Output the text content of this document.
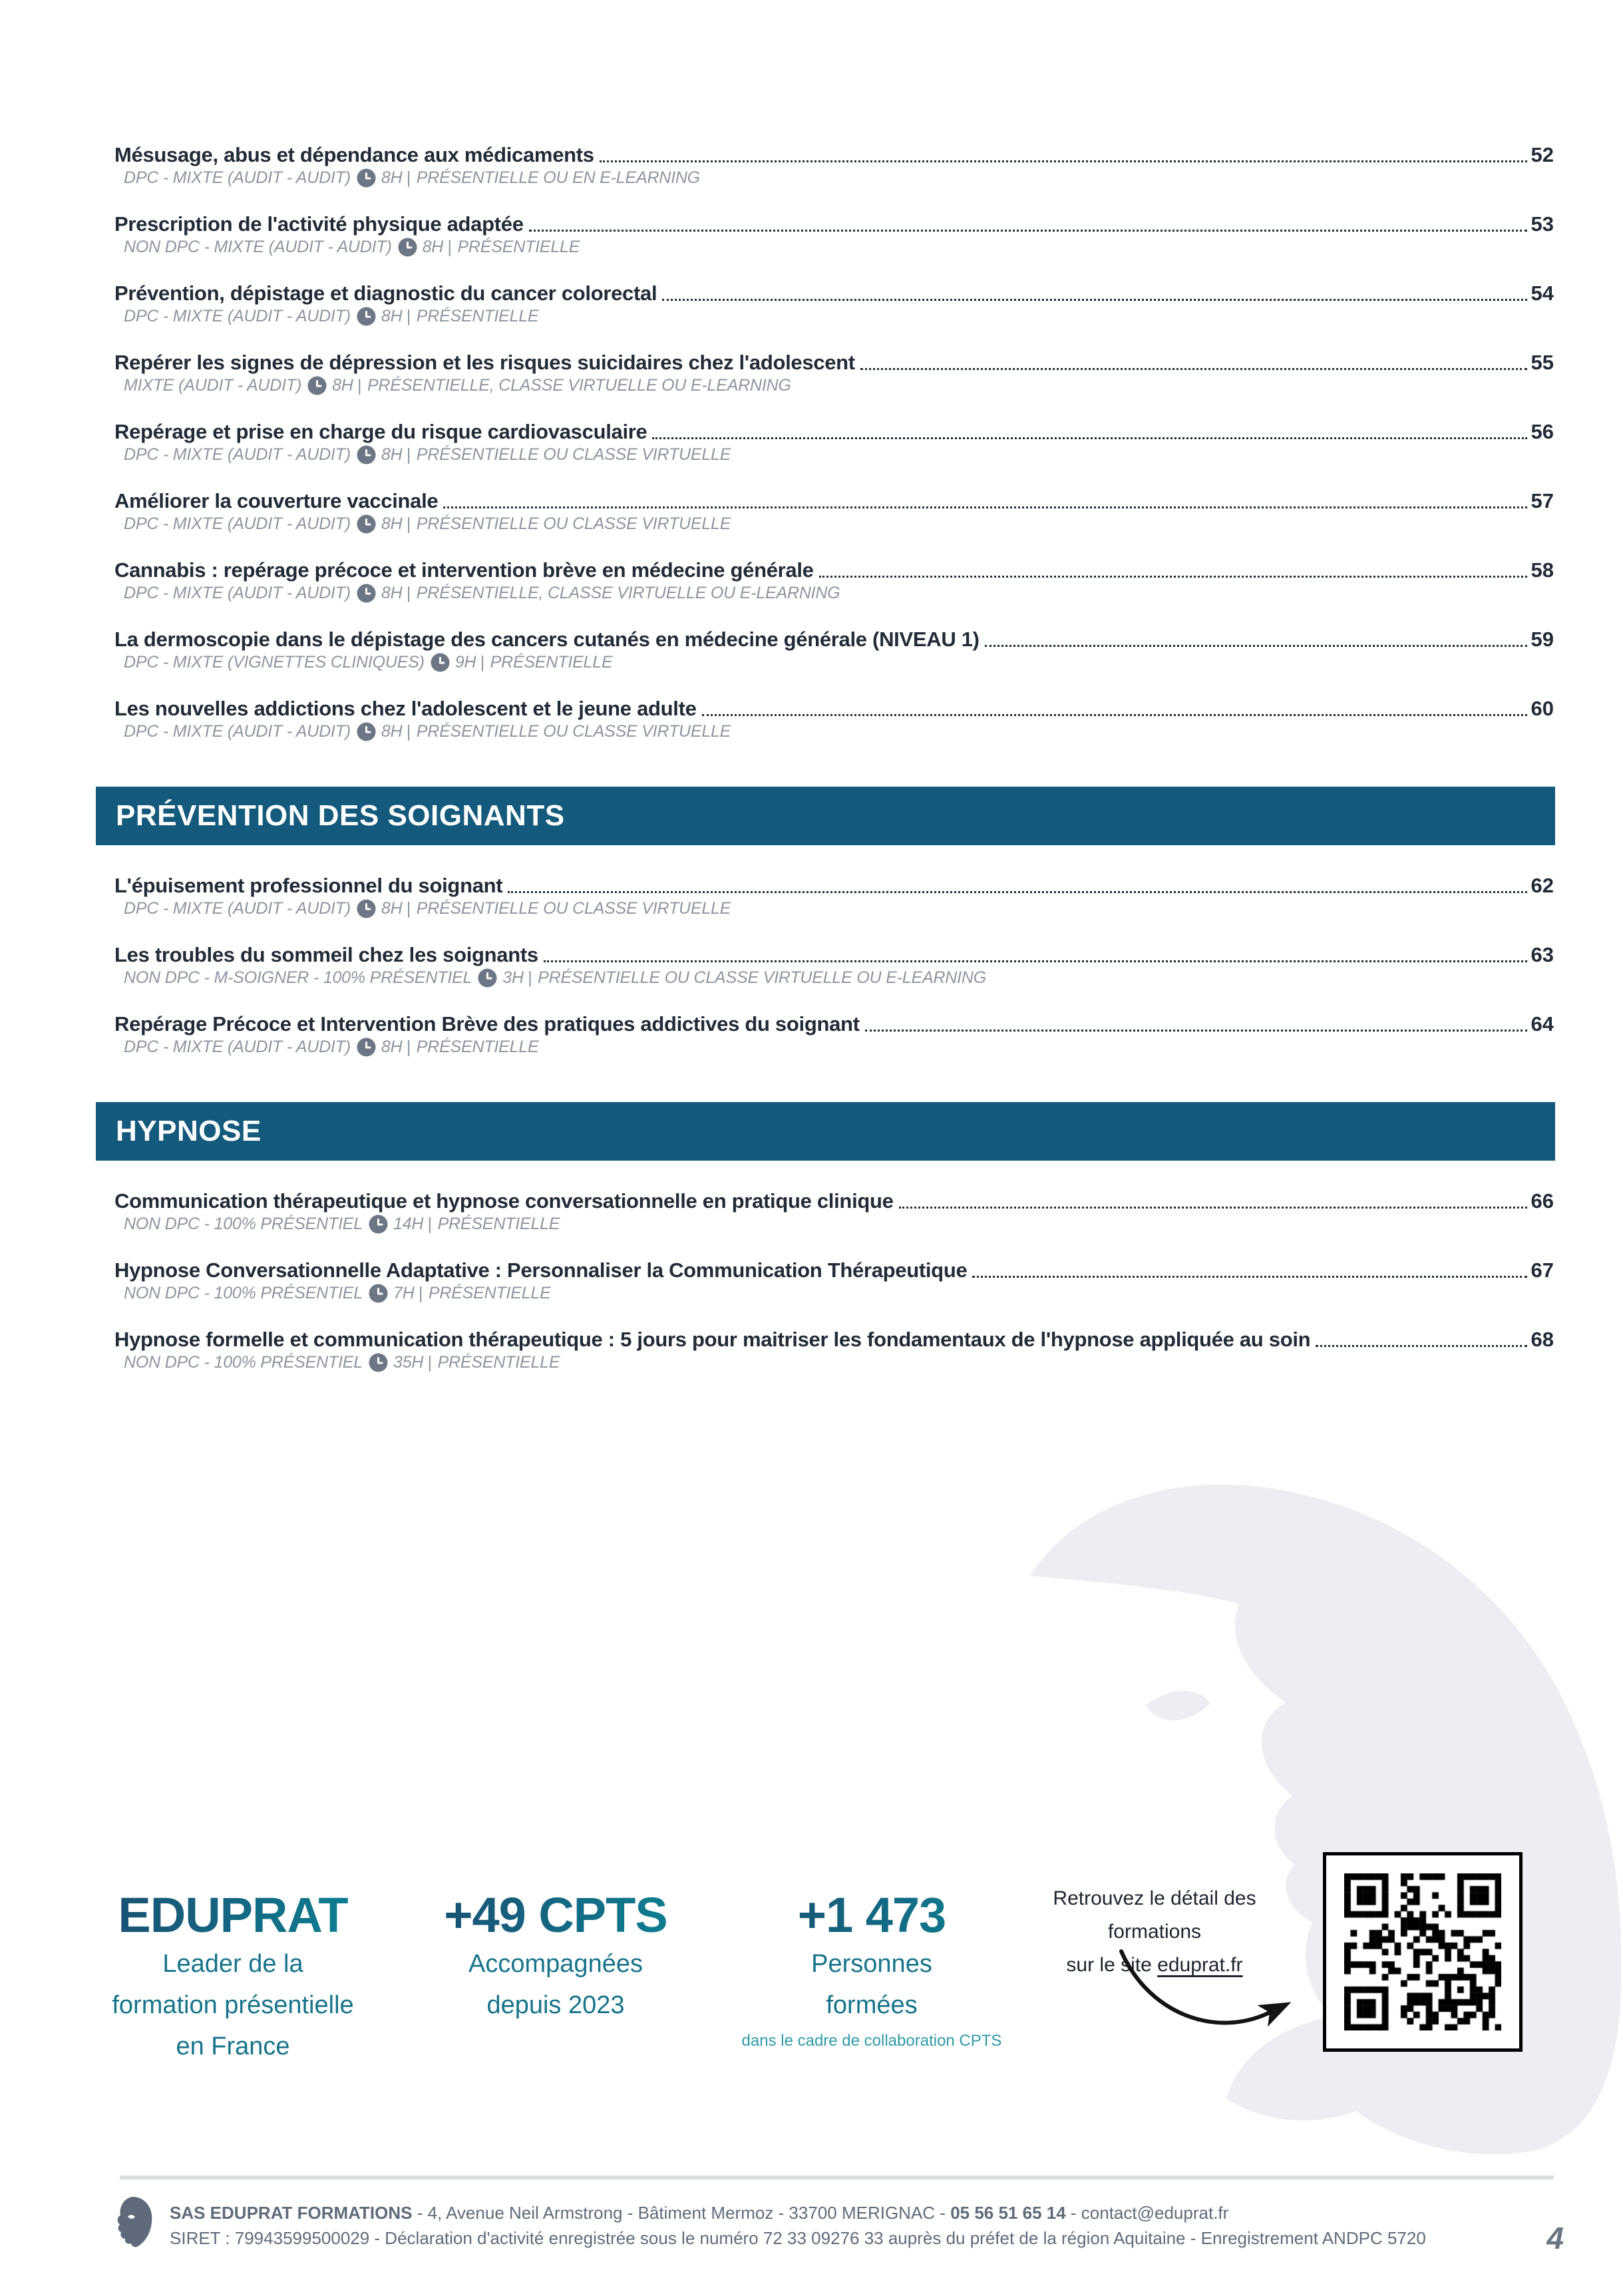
Mésusage, abus et dépendance aux médicaments	52
DPC - MIXTE (AUDIT - AUDIT) 8H | PRÉSENTIELLE OU EN E-LEARNING
Prescription de l'activité physique adaptée	53
NON DPC - MIXTE (AUDIT - AUDIT) 8H | PRÉSENTIELLE
Prévention, dépistage et diagnostic du cancer colorectal	54
DPC - MIXTE (AUDIT - AUDIT) 8H | PRÉSENTIELLE
Repérer les signes de dépression et les risques suicidaires chez l'adolescent	55
MIXTE (AUDIT - AUDIT) 8H | PRÉSENTIELLE, CLASSE VIRTUELLE OU E-LEARNING
Repérage et prise en charge du risque cardiovasculaire	56
DPC - MIXTE (AUDIT - AUDIT) 8H | PRÉSENTIELLE OU CLASSE VIRTUELLE
Améliorer la couverture vaccinale	57
DPC - MIXTE (AUDIT - AUDIT) 8H | PRÉSENTIELLE OU CLASSE VIRTUELLE
Cannabis : repérage précoce et intervention brève en médecine générale	58
DPC - MIXTE (AUDIT - AUDIT) 8H | PRÉSENTIELLE, CLASSE VIRTUELLE OU E-LEARNING
La dermoscopie dans le dépistage des cancers cutanés en médecine générale (NIVEAU 1)	59
DPC - MIXTE (VIGNETTES CLINIQUES) 9H | PRÉSENTIELLE
Les nouvelles addictions chez l'adolescent et le jeune adulte	60
DPC - MIXTE (AUDIT - AUDIT) 8H | PRÉSENTIELLE OU CLASSE VIRTUELLE
PRÉVENTION DES SOIGNANTS
L'épuisement professionnel du soignant	62
DPC - MIXTE (AUDIT - AUDIT) 8H | PRÉSENTIELLE OU CLASSE VIRTUELLE
Les troubles du sommeil chez les soignants	63
NON DPC - M-SOIGNER - 100% PRÉSENTIEL 3H | PRÉSENTIELLE OU CLASSE VIRTUELLE OU E-LEARNING
Repérage Précoce et Intervention Brève des pratiques addictives du soignant	64
DPC - MIXTE (AUDIT - AUDIT) 8H | PRÉSENTIELLE
HYPNOSE
Communication thérapeutique et hypnose conversationnelle en pratique clinique	66
NON DPC - 100% PRÉSENTIEL 14H | PRÉSENTIELLE
Hypnose Conversationnelle Adaptative : Personnaliser la Communication Thérapeutique	67
NON DPC - 100% PRÉSENTIEL 7H | PRÉSENTIELLE
Hypnose formelle et communication thérapeutique : 5 jours pour maitriser les fondamentaux de l'hypnose appliquée au soin	68
NON DPC - 100% PRÉSENTIEL 35H | PRÉSENTIELLE
EDUPRAT
Leader de la
formation présentielle
en France
+49 CPTS
Accompagnées
depuis 2023
+1 473
Personnes
formées
dans le cadre de collaboration CPTS
Retrouvez le détail des
formations
sur le site eduprat.fr
SAS EDUPRAT FORMATIONS - 4, Avenue Neil Armstrong - Bâtiment Mermoz - 33700 MERIGNAC - 05 56 51 65 14 - contact@eduprat.fr
SIRET : 79943599500029 - Déclaration d'activité enregistrée sous le numéro 72 33 09276 33 auprès du préfet de la région Aquitaine - Enregistrement ANDPC 5720	4
